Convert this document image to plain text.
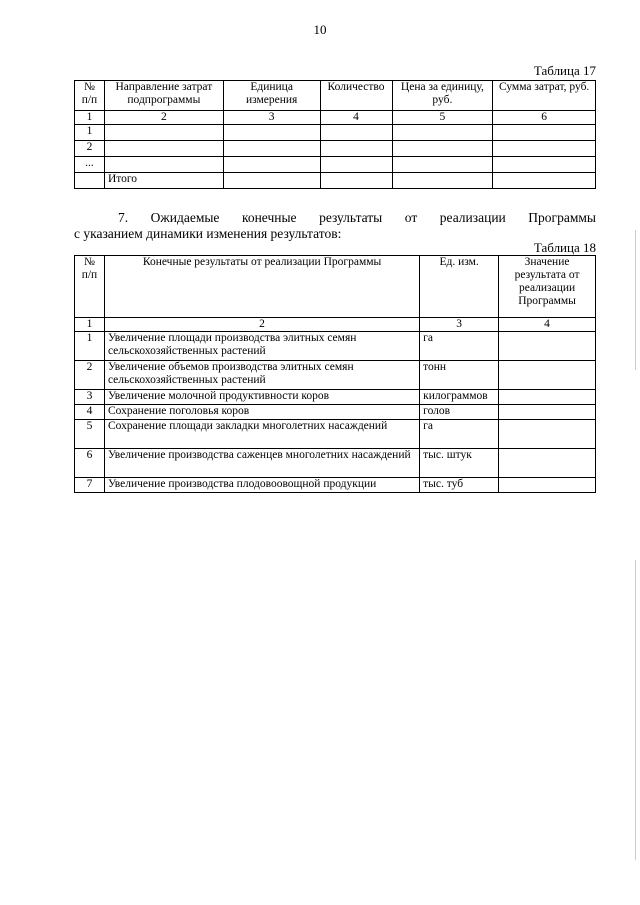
10
Таблица 17
№ п/п	Направление затрат подпрограммы	Единица измерения	Количество	Цена за единицу, руб.	Сумма затрат, руб.
1	2	3	4	5	6
1					
2					
...					
	Итого				
7. Ожидаемые конечные результаты от реализации Программы
с указанием динамики изменения результатов:
Таблица 18
№ п/п	Конечные результаты от реализации Программы	Ед. изм.	Значение результата от реализации Программы
1	2	3	4
1	Увеличение площади производства элитных семян сельскохозяйственных растений	га	
2	Увеличение объемов производства элитных семян сельскохозяйственных растений	тонн	
3	Увеличение молочной продуктивности коров	килограммов	
4	Сохранение поголовья коров	голов	
5	Сохранение площади закладки многолетних насаждений	га	
6	Увеличение производства саженцев многолетних насаждений	тыс. штук	
7	Увеличение производства плодовоовощной продукции	тыс. туб	
